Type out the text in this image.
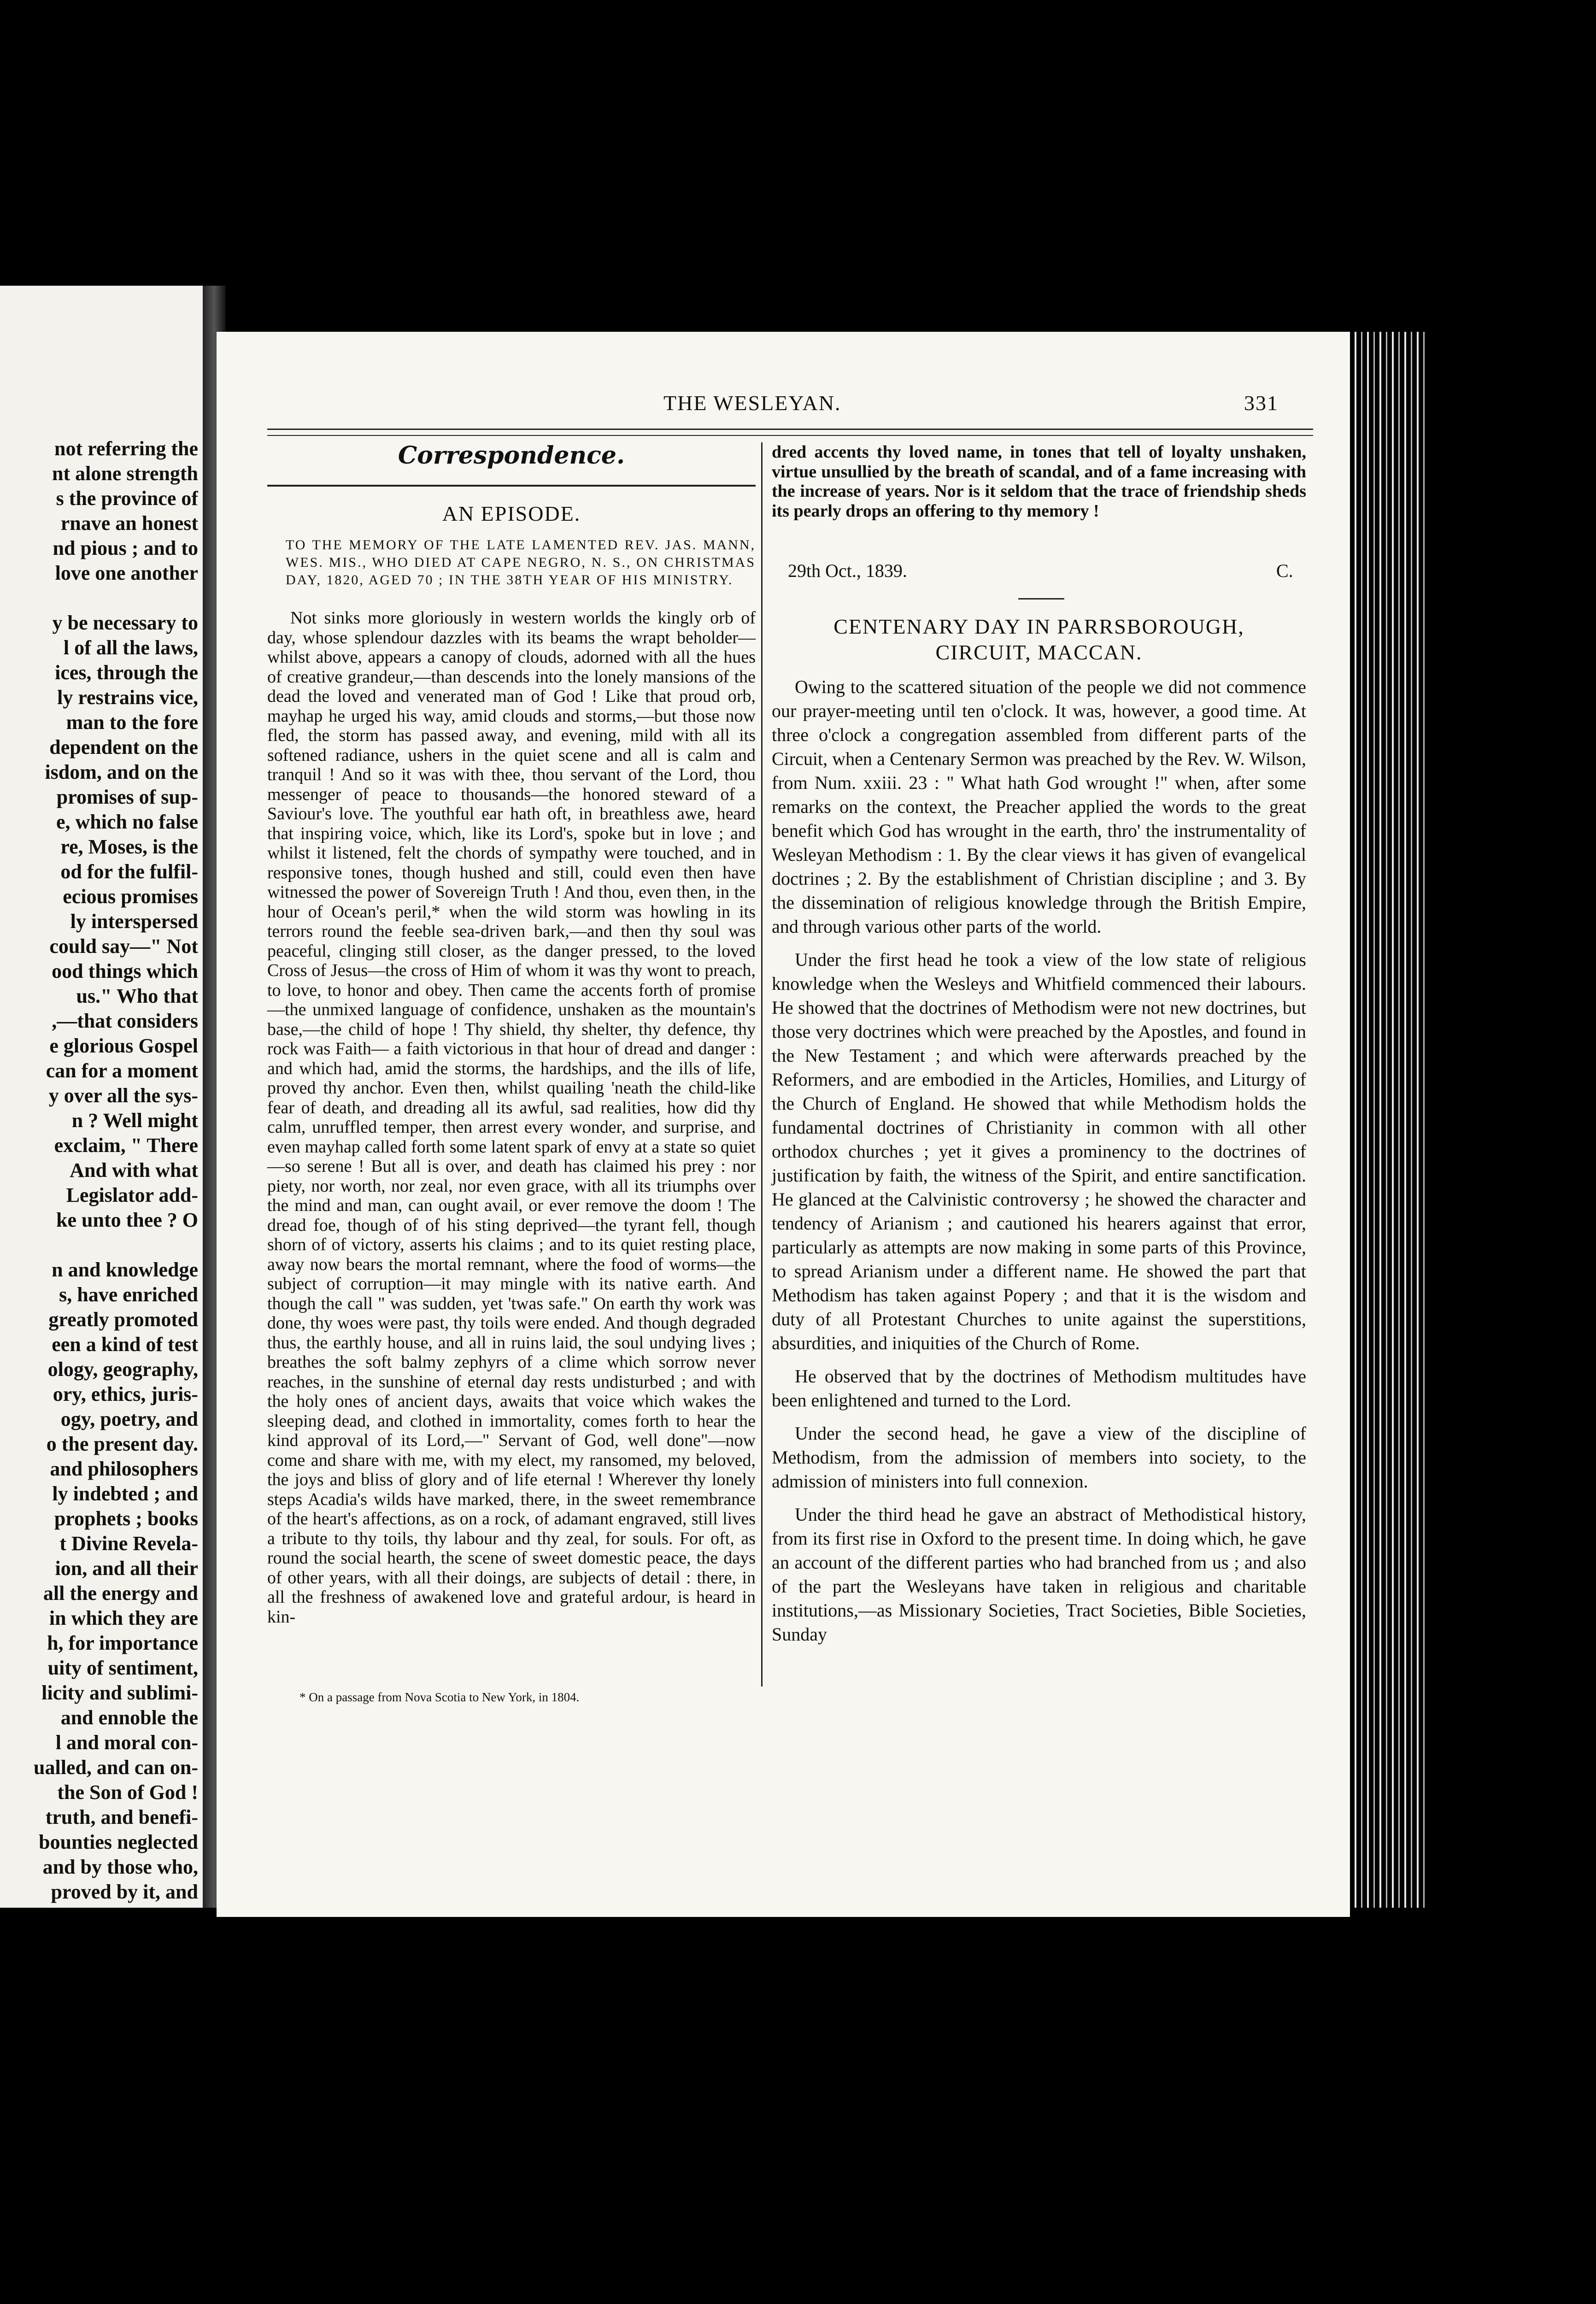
not referring the
nt alone strength
s the province of
rnave an honest
nd pious ; and to
love one another
y be necessary to
l of all the laws,
ices, through the
ly restrains vice,
man to the fore
dependent on the
isdom, and on the
promises of sup-
e, which no false
re, Moses, is the
od for the fulfil-
ecious promises
ly interspersed
could say—" Not
ood things which
us." Who that
,—that considers
e glorious Gospel
can for a moment
y over all the sys-
n ? Well might
exclaim, " There
And with what
Legislator add-
ke unto thee ? O
n and knowledge
s, have enriched
greatly promoted
een a kind of test
ology, geography,
ory, ethics, juris-
ogy, poetry, and
o the present day.
and philosophers
ly indebted ; and
prophets ; books
t Divine Revela-
ion, and all their
all the energy and
in which they are
h, for importance
uity of sentiment,
licity and sublimi-
and ennoble the
l and moral con-
ualled, and can on-
the Son of God !
truth, and benefi-
bounties neglected
and by those who,
proved by it, and
THE WESLEYAN.	331
Correspondence.
AN EPISODE.
TO THE MEMORY OF THE LATE LAMENTED REV. JAS. MANN, WES. MIS., WHO DIED AT CAPE NEGRO, N. S., ON CHRISTMAS DAY, 1820, AGED 70 ; IN THE 38TH YEAR OF HIS MINISTRY.

Not sinks more gloriously in western worlds the kingly orb of day, whose splendour dazzles with its beams the wrapt beholder—whilst above, appears a canopy of clouds, adorned with all the hues of creative grandeur,—than descends into the lonely mansions of the dead the loved and venerated man of God ! Like that proud orb, mayhap he urged his way, amid clouds and storms,—but those now fled, the storm has passed away, and evening, mild with all its softened radiance, ushers in the quiet scene and all is calm and tranquil ! And so it was with thee, thou servant of the Lord, thou messenger of peace to thousands—the honored steward of a Saviour's love. The youthful ear hath oft, in breathless awe, heard that inspiring voice, which, like its Lord's, spoke but in love ; and whilst it listened, felt the chords of sympathy were touched, and in responsive tones, though hushed and still, could even then have witnessed the power of Sovereign Truth ! And thou, even then, in the hour of Ocean's peril,* when the wild storm was howling in its terrors round the feeble sea-driven bark,—and then thy soul was peaceful, clinging still closer, as the danger pressed, to the loved Cross of Jesus—the cross of Him of whom it was thy wont to preach, to love, to honor and obey. Then came the accents forth of promise —the unmixed language of confidence, unshaken as the mountain's base,—the child of hope ! Thy shield, thy shelter, thy defence, thy rock was Faith— a faith victorious in that hour of dread and danger : and which had, amid the storms, the hardships, and the ills of life, proved thy anchor. Even then, whilst quailing 'neath the child-like fear of death, and dreading all its awful, sad realities, how did thy calm, unruffled temper, then arrest every wonder, and surprise, and even mayhap called forth some latent spark of envy at a state so quiet—so serene ! But all is over, and death has claimed his prey : nor piety, nor worth, nor zeal, nor even grace, with all its triumphs over the mind and man, can ought avail, or ever remove the doom ! The dread foe, though of of his sting deprived—the tyrant fell, though shorn of of victory, asserts his claims ; and to its quiet resting place, away now bears the mortal remnant, where the food of worms—the subject of corruption—it may mingle with its native earth. And though the call " was sudden, yet 'twas safe." On earth thy work was done, thy woes were past, thy toils were ended. And though degraded thus, the earthly house, and all in ruins laid, the soul undying lives ; breathes the soft balmy zephyrs of a clime which sorrow never reaches, in the sunshine of eternal day rests undisturbed ; and with the holy ones of ancient days, awaits that voice which wakes the sleeping dead, and clothed in immortality, comes forth to hear the kind approval of its Lord,—" Servant of God, well done"—now come and share with me, with my elect, my ransomed, my beloved, the joys and bliss of glory and of life eternal ! Wherever thy lonely steps Acadia's wilds have marked, there, in the sweet remembrance of the heart's affections, as on a rock, of adamant engraved, still lives a tribute to thy toils, thy labour and thy zeal, for souls. For oft, as round the social hearth, the scene of sweet domestic peace, the days of other years, with all their doings, are subjects of detail : there, in all the freshness of awakened love and grateful ardour, is heard in kin-

* On a passage from Nova Scotia to New York, in 1804.

dred accents thy loved name, in tones that tell of loyalty unshaken, virtue unsullied by the breath of scandal, and of a fame increasing with the increase of years. Nor is it seldom that the trace of friendship sheds its pearly drops an offering to thy memory !

29th Oct., 1839.	C.
CENTENARY DAY IN PARRSBOROUGH,
CIRCUIT, MACCAN.

Owing to the scattered situation of the people we did not commence our prayer-meeting until ten o'clock. It was, however, a good time. At three o'clock a congregation assembled from different parts of the Circuit, when a Centenary Sermon was preached by the Rev. W. Wilson, from Num. xxiii. 23 : " What hath God wrought !" when, after some remarks on the context, the Preacher applied the words to the great benefit which God has wrought in the earth, thro' the instrumentality of Wesleyan Methodism : 1. By the clear views it has given of evangelical doctrines ; 2. By the establishment of Christian discipline ; and 3. By the dissemination of religious knowledge through the British Empire, and through various other parts of the world.

Under the first head he took a view of the low state of religious knowledge when the Wesleys and Whitfield commenced their labours. He showed that the doctrines of Methodism were not new doctrines, but those very doctrines which were preached by the Apostles, and found in the New Testament ; and which were afterwards preached by the Reformers, and are embodied in the Articles, Homilies, and Liturgy of the Church of England. He showed that while Methodism holds the fundamental doctrines of Christianity in common with all other orthodox churches ; yet it gives a prominency to the doctrines of justification by faith, the witness of the Spirit, and entire sanctification. He glanced at the Calvinistic controversy ; he showed the character and tendency of Arianism ; and cautioned his hearers against that error, particularly as attempts are now making in some parts of this Province, to spread Arianism under a different name. He showed the part that Methodism has taken against Popery ; and that it is the wisdom and duty of all Protestant Churches to unite against the superstitions, absurdities, and iniquities of the Church of Rome.

He observed that by the doctrines of Methodism multitudes have been enlightened and turned to the Lord.

Under the second head, he gave a view of the discipline of Methodism, from the admission of members into society, to the admission of ministers into full connexion.

Under the third head he gave an abstract of Methodistical history, from its first rise in Oxford to the present time. In doing which, he gave an account of the different parties who had branched from us ; and also of the part the Wesleyans have taken in religious and charitable institutions,—as Missionary Societies, Tract Societies, Bible Societies, Sunday
